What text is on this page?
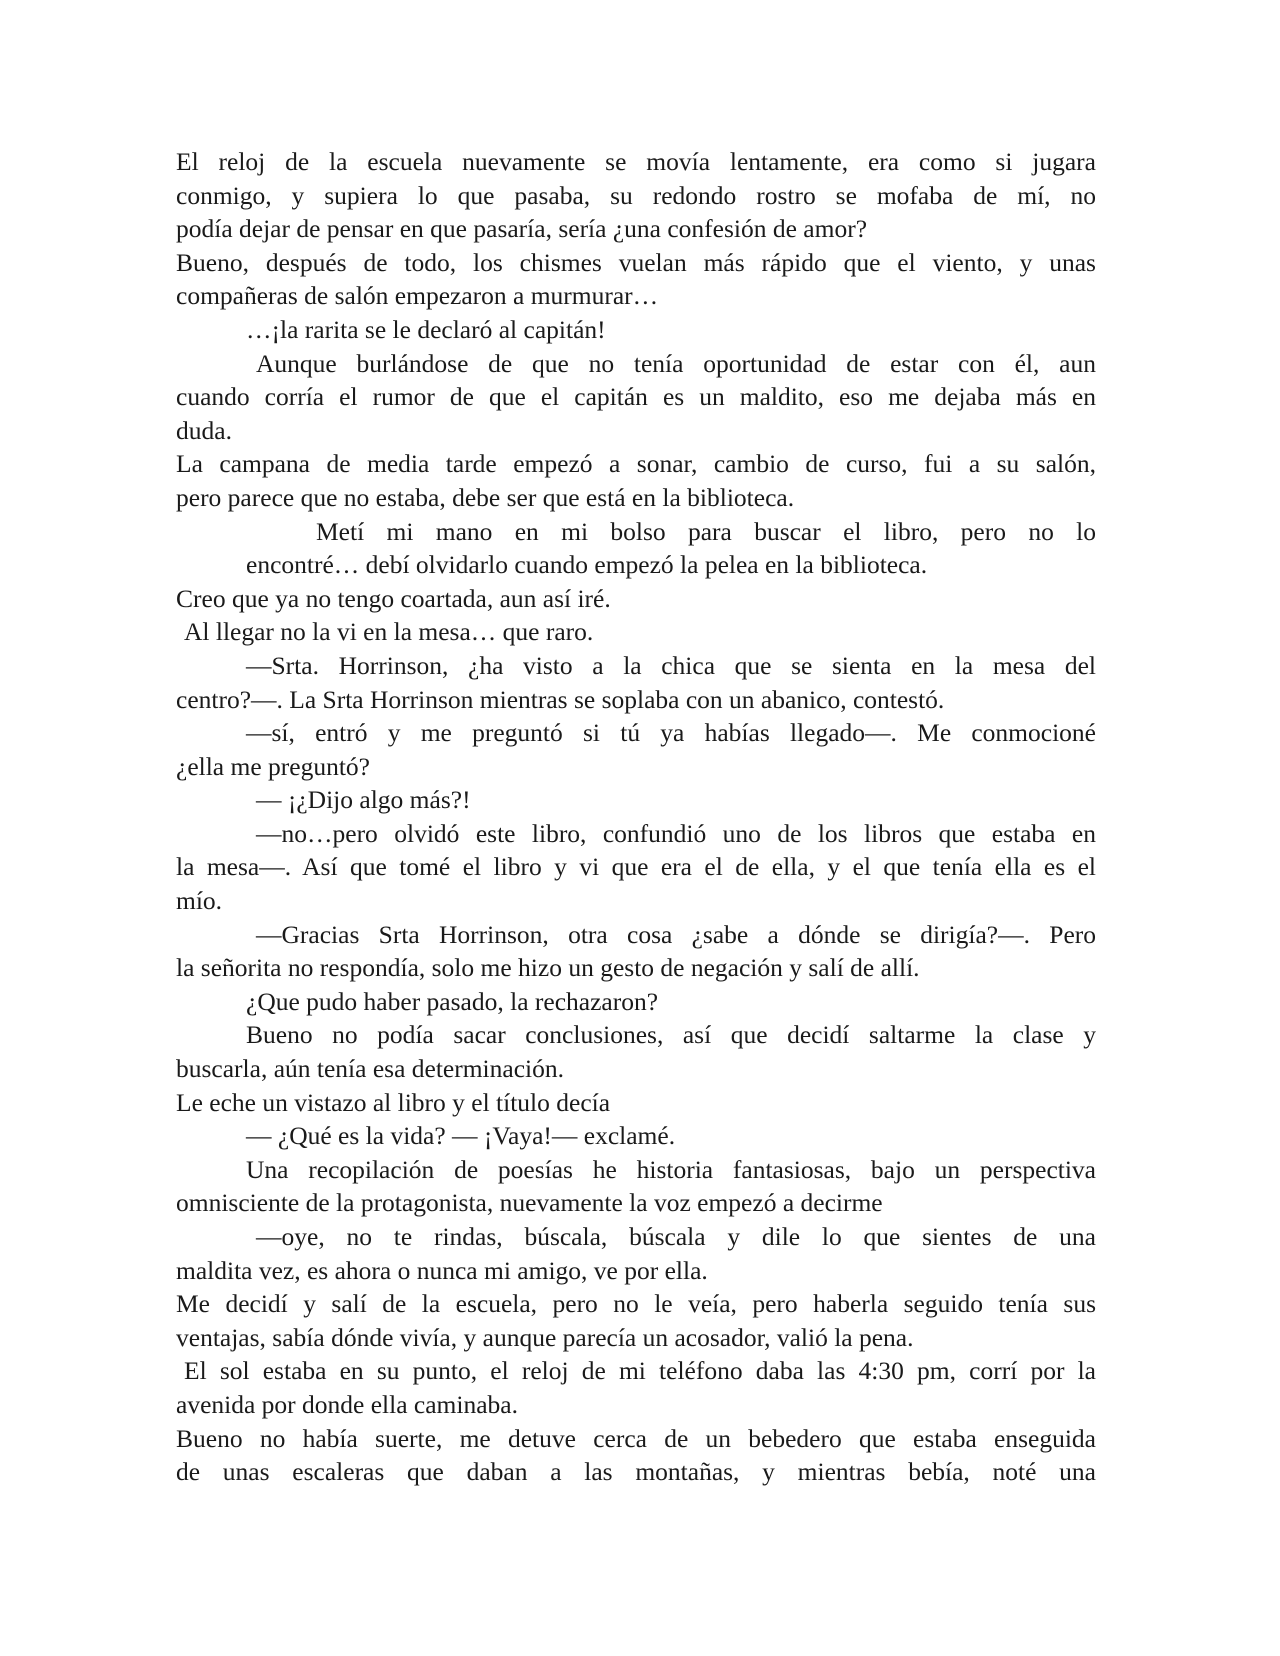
El reloj de la escuela nuevamente se movía lentamente, era como si jugara
conmigo, y supiera lo que pasaba, su redondo rostro se mofaba de mí, no
podía dejar de pensar en que pasaría, sería ¿una confesión de amor?
Bueno, después de todo, los chismes vuelan más rápido que el viento, y unas
compañeras de salón empezaron a murmurar…
…¡la rarita se le declaró al capitán!
Aunque burlándose de que no tenía oportunidad de estar con él, aun
cuando corría el rumor de que el capitán es un maldito, eso me dejaba más en
duda.
La campana de media tarde empezó a sonar, cambio de curso, fui a su salón,
pero parece que no estaba, debe ser que está en la biblioteca.
Metí mi mano en mi bolso para buscar el libro, pero no lo
encontré… debí olvidarlo cuando empezó la pelea en la biblioteca.
Creo que ya no tengo coartada, aun así iré.
Al llegar no la vi en la mesa… que raro.
—Srta. Horrinson, ¿ha visto a la chica que se sienta en la mesa del
centro?—. La Srta Horrinson mientras se soplaba con un abanico, contestó.
—sí, entró y me preguntó si tú ya habías llegado—. Me conmocioné
¿ella me preguntó?
— ¡¿Dijo algo más?!
—no…pero olvidó este libro, confundió uno de los libros que estaba en
la mesa—. Así que tomé el libro y vi que era el de ella, y el que tenía ella es el
mío.
—Gracias Srta Horrinson, otra cosa ¿sabe a dónde se dirigía?—. Pero
la señorita no respondía, solo me hizo un gesto de negación y salí de allí.
¿Que pudo haber pasado, la rechazaron?
Bueno no podía sacar conclusiones, así que decidí saltarme la clase y
buscarla, aún tenía esa determinación.
Le eche un vistazo al libro y el título decía
— ¿Qué es la vida? — ¡Vaya!— exclamé.
Una recopilación de poesías he historia fantasiosas, bajo un perspectiva
omnisciente de la protagonista, nuevamente la voz empezó a decirme
—oye, no te rindas, búscala, búscala y dile lo que sientes de una
maldita vez, es ahora o nunca mi amigo, ve por ella.
Me decidí y salí de la escuela, pero no le veía, pero haberla seguido tenía sus
ventajas, sabía dónde vivía, y aunque parecía un acosador, valió la pena.
El sol estaba en su punto, el reloj de mi teléfono daba las 4:30 pm, corrí por la
avenida por donde ella caminaba.
Bueno no había suerte, me detuve cerca de un bebedero que estaba enseguida
de unas escaleras que daban a las montañas, y mientras bebía, noté una
